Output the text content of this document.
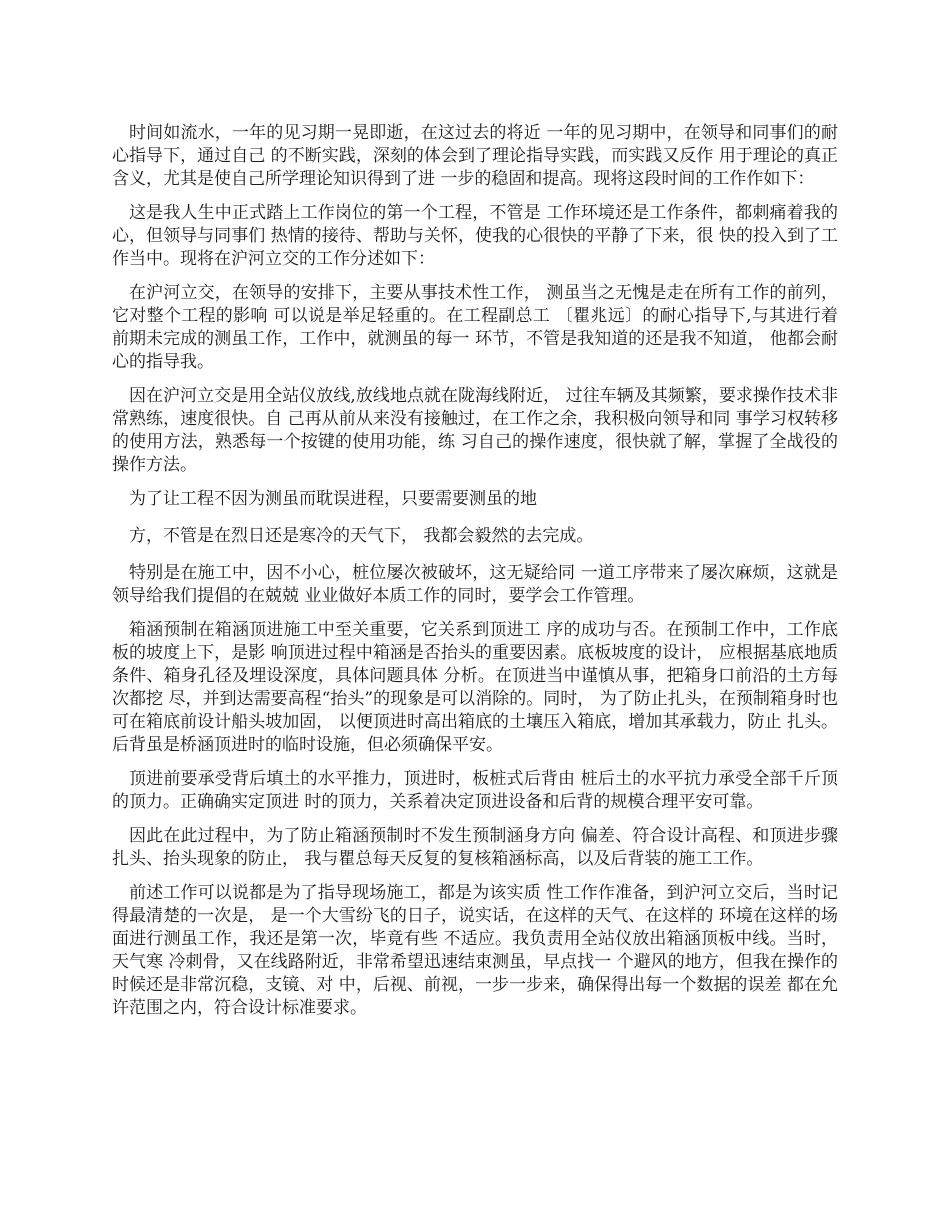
时间如流水，一年的见习期一晃即逝，在这过去的将近 一年的见习期中，在领导和同事们的耐心指导下，通过自己 的不断实践，深刻的体会到了理论指导实践，而实践又反作 用于理论的真正含义，尤其是使自己所学理论知识得到了进 一步的稳固和提高。现将这段时间的工作作如下：

这是我人生中正式踏上工作岗位的第一个工程，不管是 工作环境还是工作条件，都刺痛着我的心，但领导与同事们 热情的接待、帮助与关怀，使我的心很快的平静了下来，很 快的投入到了工作当中。现将在沪河立交的工作分述如下：

在沪河立交，在领导的安排下，主要从事技术性工作， 测虽当之无愧是走在所有工作的前列，它对整个工程的影响 可以说是举足轻重的。在工程副总工 〔瞿兆远〕的耐心指导下,与其进行着前期未完成的测虽工作，工作中，就测虽的每一 环节，不管是我知道的还是我不知道， 他都会耐心的指导我。

因在沪河立交是用全站仪放线,放线地点就在陇海线附近， 过往车辆及其频繁，要求操作技术非常熟练，速度很快。自 己再从前从来没有接触过，在工作之余，我积极向领导和同 事学习权转移的使用方法，熟悉每一个按键的使用功能，练 习自己的操作速度，很快就了解，掌握了全战役的操作方法。

为了让工程不因为测虽而耽误进程，只要需要测虽的地

方，不管是在烈日还是寒冷的天气下， 我都会毅然的去完成。

特别是在施工中，因不小心，桩位屡次被破坏，这无疑给同 一道工序带来了屡次麻烦，这就是领导给我们提倡的在兢兢 业业做好本质工作的同时，要学会工作管理。

箱涵预制在箱涵顶进施工中至关重要，它关系到顶进工 序的成功与否。在预制工作中，工作底板的坡度上下，是影 响顶进过程中箱涵是否抬头的重要因素。底板坡度的设计， 应根据基底地质条件、箱身孔径及埋设深度，具体问题具体 分析。在顶进当中谨慎从事，把箱身口前沿的土方每次都挖 尽，并到达需要高程“抬头”的现象是可以消除的。同时， 为了防止扎头，在预制箱身时也可在箱底前设计船头坡加固， 以便顶进时高出箱底的土壤压入箱底，增加其承载力，防止 扎头。后背虽是桥涵顶进时的临时设施，但必须确保平安。

顶进前要承受背后填土的水平推力，顶进时，板桩式后背由 桩后土的水平抗力承受全部千斤顶的顶力。正确确实定顶进 时的顶力，关系着决定顶进设备和后背的规模合理平安可靠。

因此在此过程中，为了防止箱涵预制时不发生预制涵身方向 偏差、符合设计高程、和顶进步骤扎头、抬头现象的防止， 我与瞿总每天反复的复核箱涵标高，以及后背装的施工工作。

前述工作可以说都是为了指导现场施工，都是为该实质 性工作作准备，到沪河立交后，当时记得最清楚的一次是， 是一个大雪纷飞的日子，说实话，在这样的天气、在这样的 环境在这样的场面进行测虽工作，我还是第一次，毕竟有些 不适应。我负责用全站仪放出箱涵顶板中线。当时，天气寒 冷刺骨，又在线路附近，非常希望迅速结束测虽，早点找一 个避风的地方，但我在操作的时候还是非常沉稳，支镜、对 中，后视、前视，一步一步来，确保得出每一个数据的误差 都在允许范围之内，符合设计标准要求。
